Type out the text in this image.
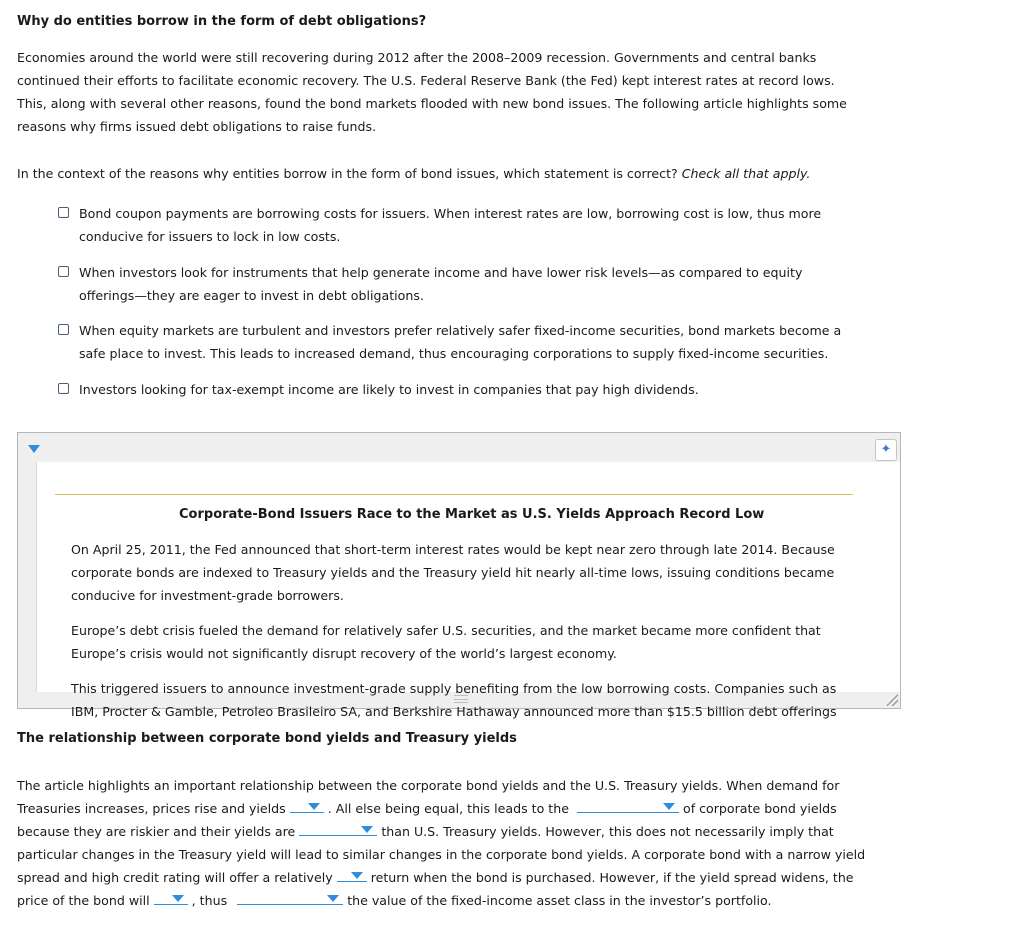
Why do entities borrow in the form of debt obligations?
Economies around the world were still recovering during 2012 after the 2008–2009 recession. Governments and central banks
continued their efforts to facilitate economic recovery. The U.S. Federal Reserve Bank (the Fed) kept interest rates at record lows.
This, along with several other reasons, found the bond markets flooded with new bond issues. The following article highlights some
reasons why firms issued debt obligations to raise funds.
In the context of the reasons why entities borrow in the form of bond issues, which statement is correct? Check all that apply.
Bond coupon payments are borrowing costs for issuers. When interest rates are low, borrowing cost is low, thus more
conducive for issuers to lock in low costs.
When investors look for instruments that help generate income and have lower risk levels—as compared to equity
offerings—they are eager to invest in debt obligations.
When equity markets are turbulent and investors prefer relatively safer fixed-income securities, bond markets become a
safe place to invest. This leads to increased demand, thus encouraging corporations to supply fixed-income securities.
Investors looking for tax-exempt income are likely to invest in companies that pay high dividends.
✦
Corporate-Bond Issuers Race to the Market as U.S. Yields Approach Record Low
On April 25, 2011, the Fed announced that short-term interest rates would be kept near zero through late 2014. Because
corporate bonds are indexed to Treasury yields and the Treasury yield hit nearly all-time lows, issuing conditions became
conducive for investment-grade borrowers.
Europe’s debt crisis fueled the demand for relatively safer U.S. securities, and the market became more confident that
Europe’s crisis would not significantly disrupt recovery of the world’s largest economy.
This triggered issuers to announce investment-grade supply benefiting from the low borrowing costs. Companies such as
IBM, Procter & Gamble, Petroleo Brasileiro SA, and Berkshire Hathaway announced more than $15.5 billion debt offerings
The relationship between corporate bond yields and Treasury yields
The article highlights an important relationship between the corporate bond yields and the U.S. Treasury yields. When demand for
Treasuries increases, prices rise and yields	. All else being equal, this leads to the	of corporate bond yields
because they are riskier and their yields are	than U.S. Treasury yields. However, this does not necessarily imply that
particular changes in the Treasury yield will lead to similar changes in the corporate bond yields. A corporate bond with a narrow yield
spread and high credit rating will offer a relatively	return when the bond is purchased. However, if the yield spread widens, the
price of the bond will	, thus	the value of the fixed-income asset class in the investor’s portfolio.
